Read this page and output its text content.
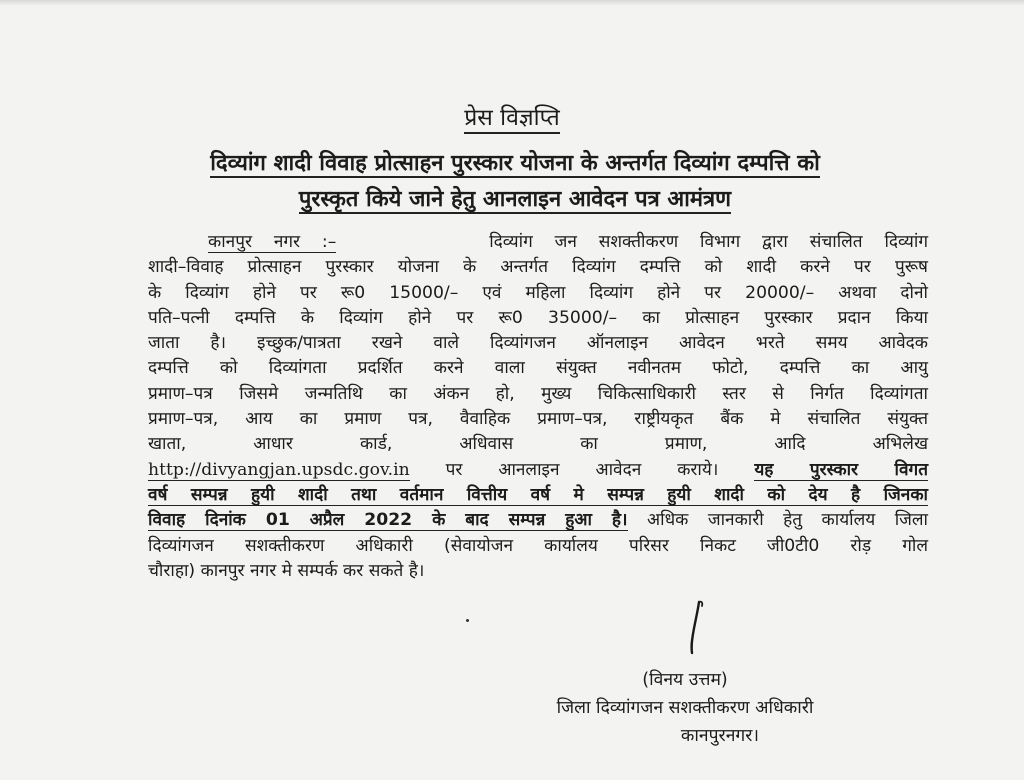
प्रेस विज्ञप्ति
दिव्यांग शादी विवाह प्रोत्साहन पुरस्कार योजना के अन्तर्गत दिव्यांग दम्पत्ति को
पुरस्कृत किये जाने हेतु आनलाइन आवेदन पत्र आमंत्रण
कानपुर नगर :–	दिव्यांग जन सशक्तीकरण विभाग द्वारा संचालित दिव्यांग
शादी–विवाह प्रोत्साहन पुरस्कार योजना के अन्तर्गत दिव्यांग दम्पत्ति को शादी करने पर पुरूष
के दिव्यांग होने पर रू0 15000/– एवं महिला दिव्यांग होने पर 20000/– अथवा दोनो
पति–पत्नी दम्पत्ति के दिव्यांग होने पर रू0 35000/– का प्रोत्साहन पुरस्कार प्रदान किया
जाता है। इच्छुक/पात्रता रखने वाले दिव्यांगजन ऑनलाइन आवेदन भरते समय आवेदक
दम्पत्ति को दिव्यांगता प्रदर्शित करने वाला संयुक्त नवीनतम फोटो, दम्पत्ति का आयु
प्रमाण–पत्र जिसमे जन्मतिथि का अंकन हो, मुख्य चिकित्साधिकारी स्तर से निर्गत दिव्यांगता
प्रमाण–पत्र, आय का प्रमाण पत्र, वैवाहिक प्रमाण–पत्र, राष्ट्रीयकृत बैंक मे संचालित संयुक्त
खाता, आधार कार्ड, अधिवास का प्रमाण, आदि अभिलेख
http://divyangjan.upsdc.gov.in पर आनलाइन आवेदन कराये। यह पुरस्कार विगत
वर्ष सम्पन्न हुयी शादी तथा वर्तमान वित्तीय वर्ष मे सम्पन्न हुयी शादी को देय है जिनका
विवाह दिनांक 01 अप्रैल 2022 के बाद सम्पन्न हुआ है। अधिक जानकारी हेतु कार्यालय जिला
दिव्यांगजन सशक्तीकरण अधिकारी (सेवायोजन कार्यालय परिसर निकट जी0टी0 रोड़ गोल
चौराहा) कानपुर नगर मे सम्पर्क कर सकते है।
(विनय उत्तम)
जिला दिव्यांगजन सशक्तीकरण अधिकारी
कानपुरनगर।
